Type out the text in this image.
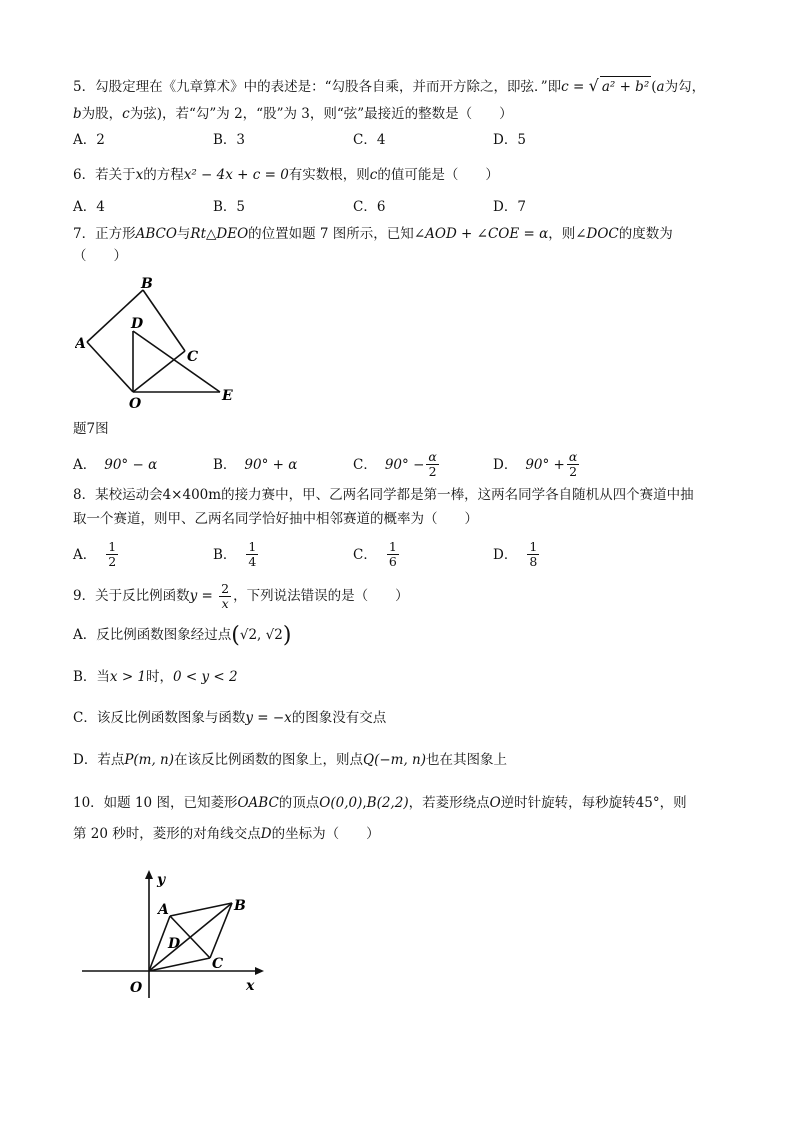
5．勾股定理在《九章算术》中的表述是：“勾股各自乘，并而开方除之，即弦．”即c = √ a² + b² (a为勾，
b为股，c为弦)，若“勾”为 2，“股”为 3，则“弦”最接近的整数是（　　）
A．2	B．3	C．4	D．5
6．若关于x的方程x² − 4x + c = 0有实数根，则c的值可能是（　　）
A．4	B．5	C．6	D．7
7．正方形ABCO与Rt△DEO的位置如题 7 图所示，已知∠AOD + ∠COE = α，则∠DOC的度数为
（　　）
A
B
C
D
O	E
题7图
A． 90° − α	B． 90° + α	C． $90^\circ - \frac{\alpha}{2}$	D． $90^\circ + \frac{\alpha}{2}$
8．某校运动会4×400m的接力赛中，甲、乙两名同学都是第一棒，这两名同学各自随机从四个赛道中抽
取一个赛道，则甲、乙两名同学恰好抽中相邻赛道的概率为（　　）
A． $\frac{1}{2}$	B． $\frac{1}{4}$	C． $\frac{1}{6}$	D． $\frac{1}{8}$
9．关于反比例函数$y = \frac{2}{x}$ ，下列说法错误的是（　　）
A．反比例函数图象经过点(√2, √2)
B．当x > 1时，0 < y < 2
C．该反比例函数图象与函数y = −x的图象没有交点
D．若点P(m, n)在该反比例函数的图象上，则点Q(−m, n)也在其图象上
10．如题 10 图，已知菱形OABC的顶点O(0,0),B(2,2)，若菱形绕点O逆时针旋转，每秒旋转45°，则
第 20 秒时，菱形的对角线交点D的坐标为（　　）
y
x
A	B
C
D
O
